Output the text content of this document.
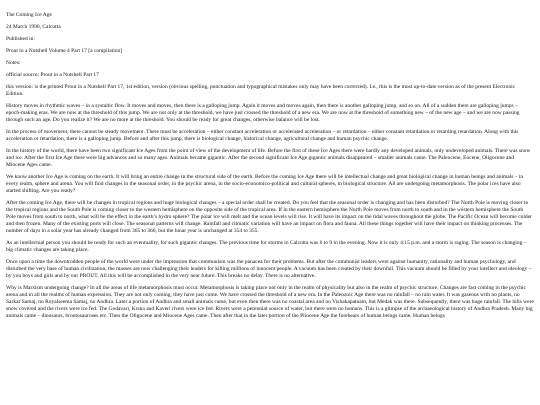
The Coming Ice Age

24 March 1990, Calcutta

Published in:

Prout in a Nutshell Volume 4 Part 17 [a compilation]

Notes:

official source: Prout in a Nutshell Part 17

this version: is the printed Prout in a Nutshell Part 17, 1st edition, version (obvious spelling, punctuation and typographical mistakes only may have been corrected). I.e., this is the most up-to-date version as of the present Electronic Edition.

History moves in rhythmic waves – in a systaltic flow. It moves and moves, then there is a galloping jump. Again it moves and moves again, then there is another galloping jump, and so on. All of a sudden there are galloping jumps – epoch-making eras. We are now at the threshold of this jump. We are not only at the threshold, we have just crossed the threshold of a new era. We are now at the threshold of something new – of the new age – and we are now passing through such an age. Do you realize it? We are no more at the threshold. You should be ready for great changes, otherwise balance will be lost.

In the process of movement, there cannot be steady movement. There must be acceleration – either constant acceleration or accelerated acceleration – or retardation – either constant retardation or retarding retardation. Along with this acceleration or retardation, there is a galloping jump. Before and after this jump, there is biological change, historical change, agricultural change and human psychic change.

In the history of the world, there have been two significant Ice Ages from the point of view of the development of life. Before the first of these Ice Ages there were hardly any developed animals, only undeveloped animals. There was snow and ice. After the first Ice Age there were big advances and so many ages. Animals became gigantic. After the second significant Ice Age gigantic animals disappeared – smaller animals came. The Paleocene, Eocene, Oligocene and Miocene Ages came.

We know another Ice Age is coming on the earth. It will bring an entire change in the structural side of the earth. Before the coming Ice Age there will be intellectual change and great biological change in human beings and animals – in every realm, sphere and arena. You will find changes in the seasonal order, in the psychic arena, in the socio-economico-political and cultural spheres, in biological structure. All are undergoing metamorphosis. The polar ices have also started shifting. Are you ready?

After the coming Ice Age, there will be changes in tropical regions and huge biological changes – a special order shall be created. Do you feel that the seasonal order is changing and has been disturbed? The North Pole is moving closer to the tropical regions and the South Pole is coming closer to the western hemisphere on the opposite side of the tropical area. If in the eastern hemisphere the North Pole moves from north to south and in the western hemisphere the South Pole moves from south to north, what will be the effect in the earth’s hydro sphere? The polar ice will melt and the ocean levels will rise. It will have its impact on the tidal waves throughout the globe. The Pacific Ocean will become colder and then frozen. Many of the existing ports will close. The seasonal patterns will change. Rainfall and climatic variation will have an impact on flora and fauna. All these things together will have their impact on thinking processes. The number of days in a solar year has already changed from 365 to 366, but the lunar year is unchanged at 354 to 355.

As an intellectual person you should be ready for such an eventuality, for such gigantic changes. The previous time for storms in Calcutta was 6 to 9 in the evening. Now it is only 4:15 p.m. and a storm is raging. The season is changing – big climatic changes are taking place.

Once upon a time the downtrodden people of the world were under the impression that communism was the panacea for their problems. But after the communist leaders were against humanity, rationality and human psychology, and disturbed the very base of human civilization, the masses are now challenging their leaders for killing millions of innocent people. A vacuum has been created by their downfall. This vacuum should be filled by your intellect and ideology – by you boys and girls and by our PROUT. All this will be accomplished in the very near future. This breaks no delay. There is no alternative.

Why is Marxism undergoing change? In all the areas of life metamorphosis must occur. Metamorphosis is taking place not only in the realm of physicality but also in the realm of psychic structure. Changes are fast coming in the psychic arena and in all the realms of human expression. They are not only coming, they have just come. We have crossed the threshold of a new era. In the Paleozoic Age there was no rainfall – no rain water. It was gaseous with no plants, no Sarkar Samaj, no Royalseema Samaj, no Andhra. Later a portion of Andhra and small animals came, but even then there was no coastal area and no Vishakapatnam, but Medak was there. Subsequently, there was huge rainfall. The hills were snow covered and the rivers were ice fed. The Godavari, Krsna and Kaveri rivers were ice fed. Rivers were a perennial source of water, but there were no humans. This is a glimpse of the archaeological history of Andhra Pradesh. Many big animals came – dinosaurs, brontosauruses etc. Then the Oligocene and Miocene Ages came. Then after that in the later portion of the Pliocene Age the forebears of human beings came. Human beings
